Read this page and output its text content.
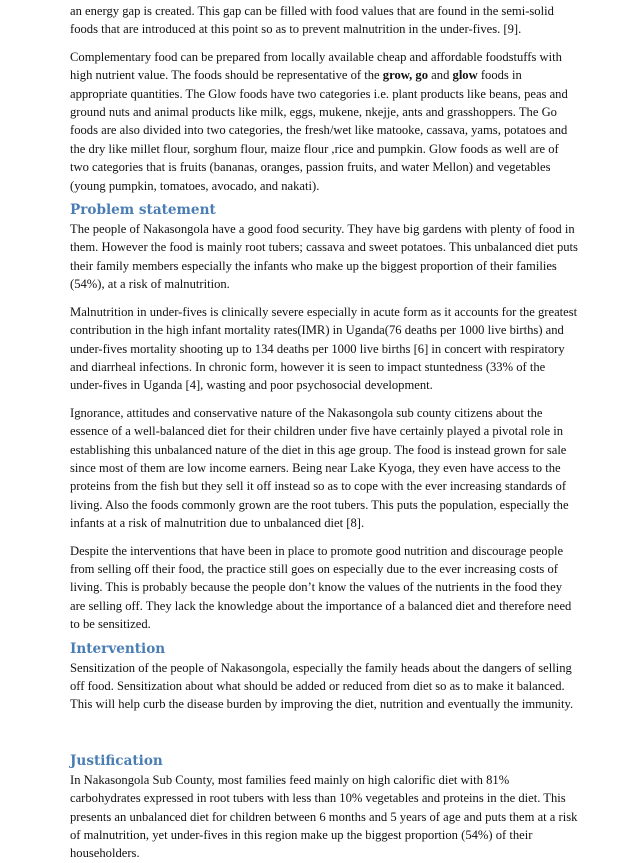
an energy gap is created. This gap can be filled with food values that are found in the semi-solid foods that are introduced at this point so as to prevent malnutrition in the under-fives. [9].

Complementary food can be prepared from locally available cheap and affordable foodstuffs with high nutrient value. The foods should be representative of the grow, go and glow foods in appropriate quantities. The Glow foods have two categories i.e. plant products like beans, peas and ground nuts and animal products like milk, eggs, mukene, nkejje, ants and grasshoppers. The Go foods are also divided into two categories, the fresh/wet like matooke, cassava, yams, potatoes and the dry like millet flour, sorghum flour, maize flour ,rice and pumpkin. Glow foods as well are of two categories that is fruits (bananas, oranges, passion fruits, and water Mellon) and vegetables (young pumpkin, tomatoes, avocado, and nakati).

Problem statement

The people of Nakasongola have a good food security. They have big gardens with plenty of food in them. However the food is mainly root tubers; cassava and sweet potatoes. This unbalanced diet puts their family members especially the infants who make up the biggest proportion of their families (54%), at a risk of malnutrition.

Malnutrition in under-fives is clinically severe especially in acute form as it accounts for the greatest contribution in the high infant mortality rates(IMR) in Uganda(76 deaths per 1000 live births) and under-fives mortality shooting up to 134 deaths per 1000 live births [6] in concert with respiratory and diarrheal infections. In chronic form, however it is seen to impact stuntedness (33% of the under-fives in Uganda [4], wasting and poor psychosocial development.

Ignorance, attitudes and conservative nature of the Nakasongola sub county citizens about the essence of a well-balanced diet for their children under five have certainly played a pivotal role in establishing this unbalanced nature of the diet in this age group. The food is instead grown for sale since most of them are low income earners. Being near Lake Kyoga, they even have access to the proteins from the fish but they sell it off instead so as to cope with the ever increasing standards of living. Also the foods commonly grown are the root tubers. This puts the population, especially the infants at a risk of malnutrition due to unbalanced diet [8].

Despite the interventions that have been in place to promote good nutrition and discourage people from selling off their food, the practice still goes on especially due to the ever increasing costs of living. This is probably because the people don’t know the values of the nutrients in the food they are selling off. They lack the knowledge about the importance of a balanced diet and therefore need to be sensitized.

Intervention

Sensitization of the people of Nakasongola, especially the family heads about the dangers of selling off food. Sensitization about what should be added or reduced from diet so as to make it balanced. This will help curb the disease burden by improving the diet, nutrition and eventually the immunity.

Justification

In Nakasongola Sub County, most families feed mainly on high calorific diet with 81% carbohydrates expressed in root tubers with less than 10% vegetables and proteins in the diet. This presents an unbalanced diet for children between 6 months and 5 years of age and puts them at a risk of malnutrition, yet under-fives in this region make up the biggest proportion (54%) of their householders.
